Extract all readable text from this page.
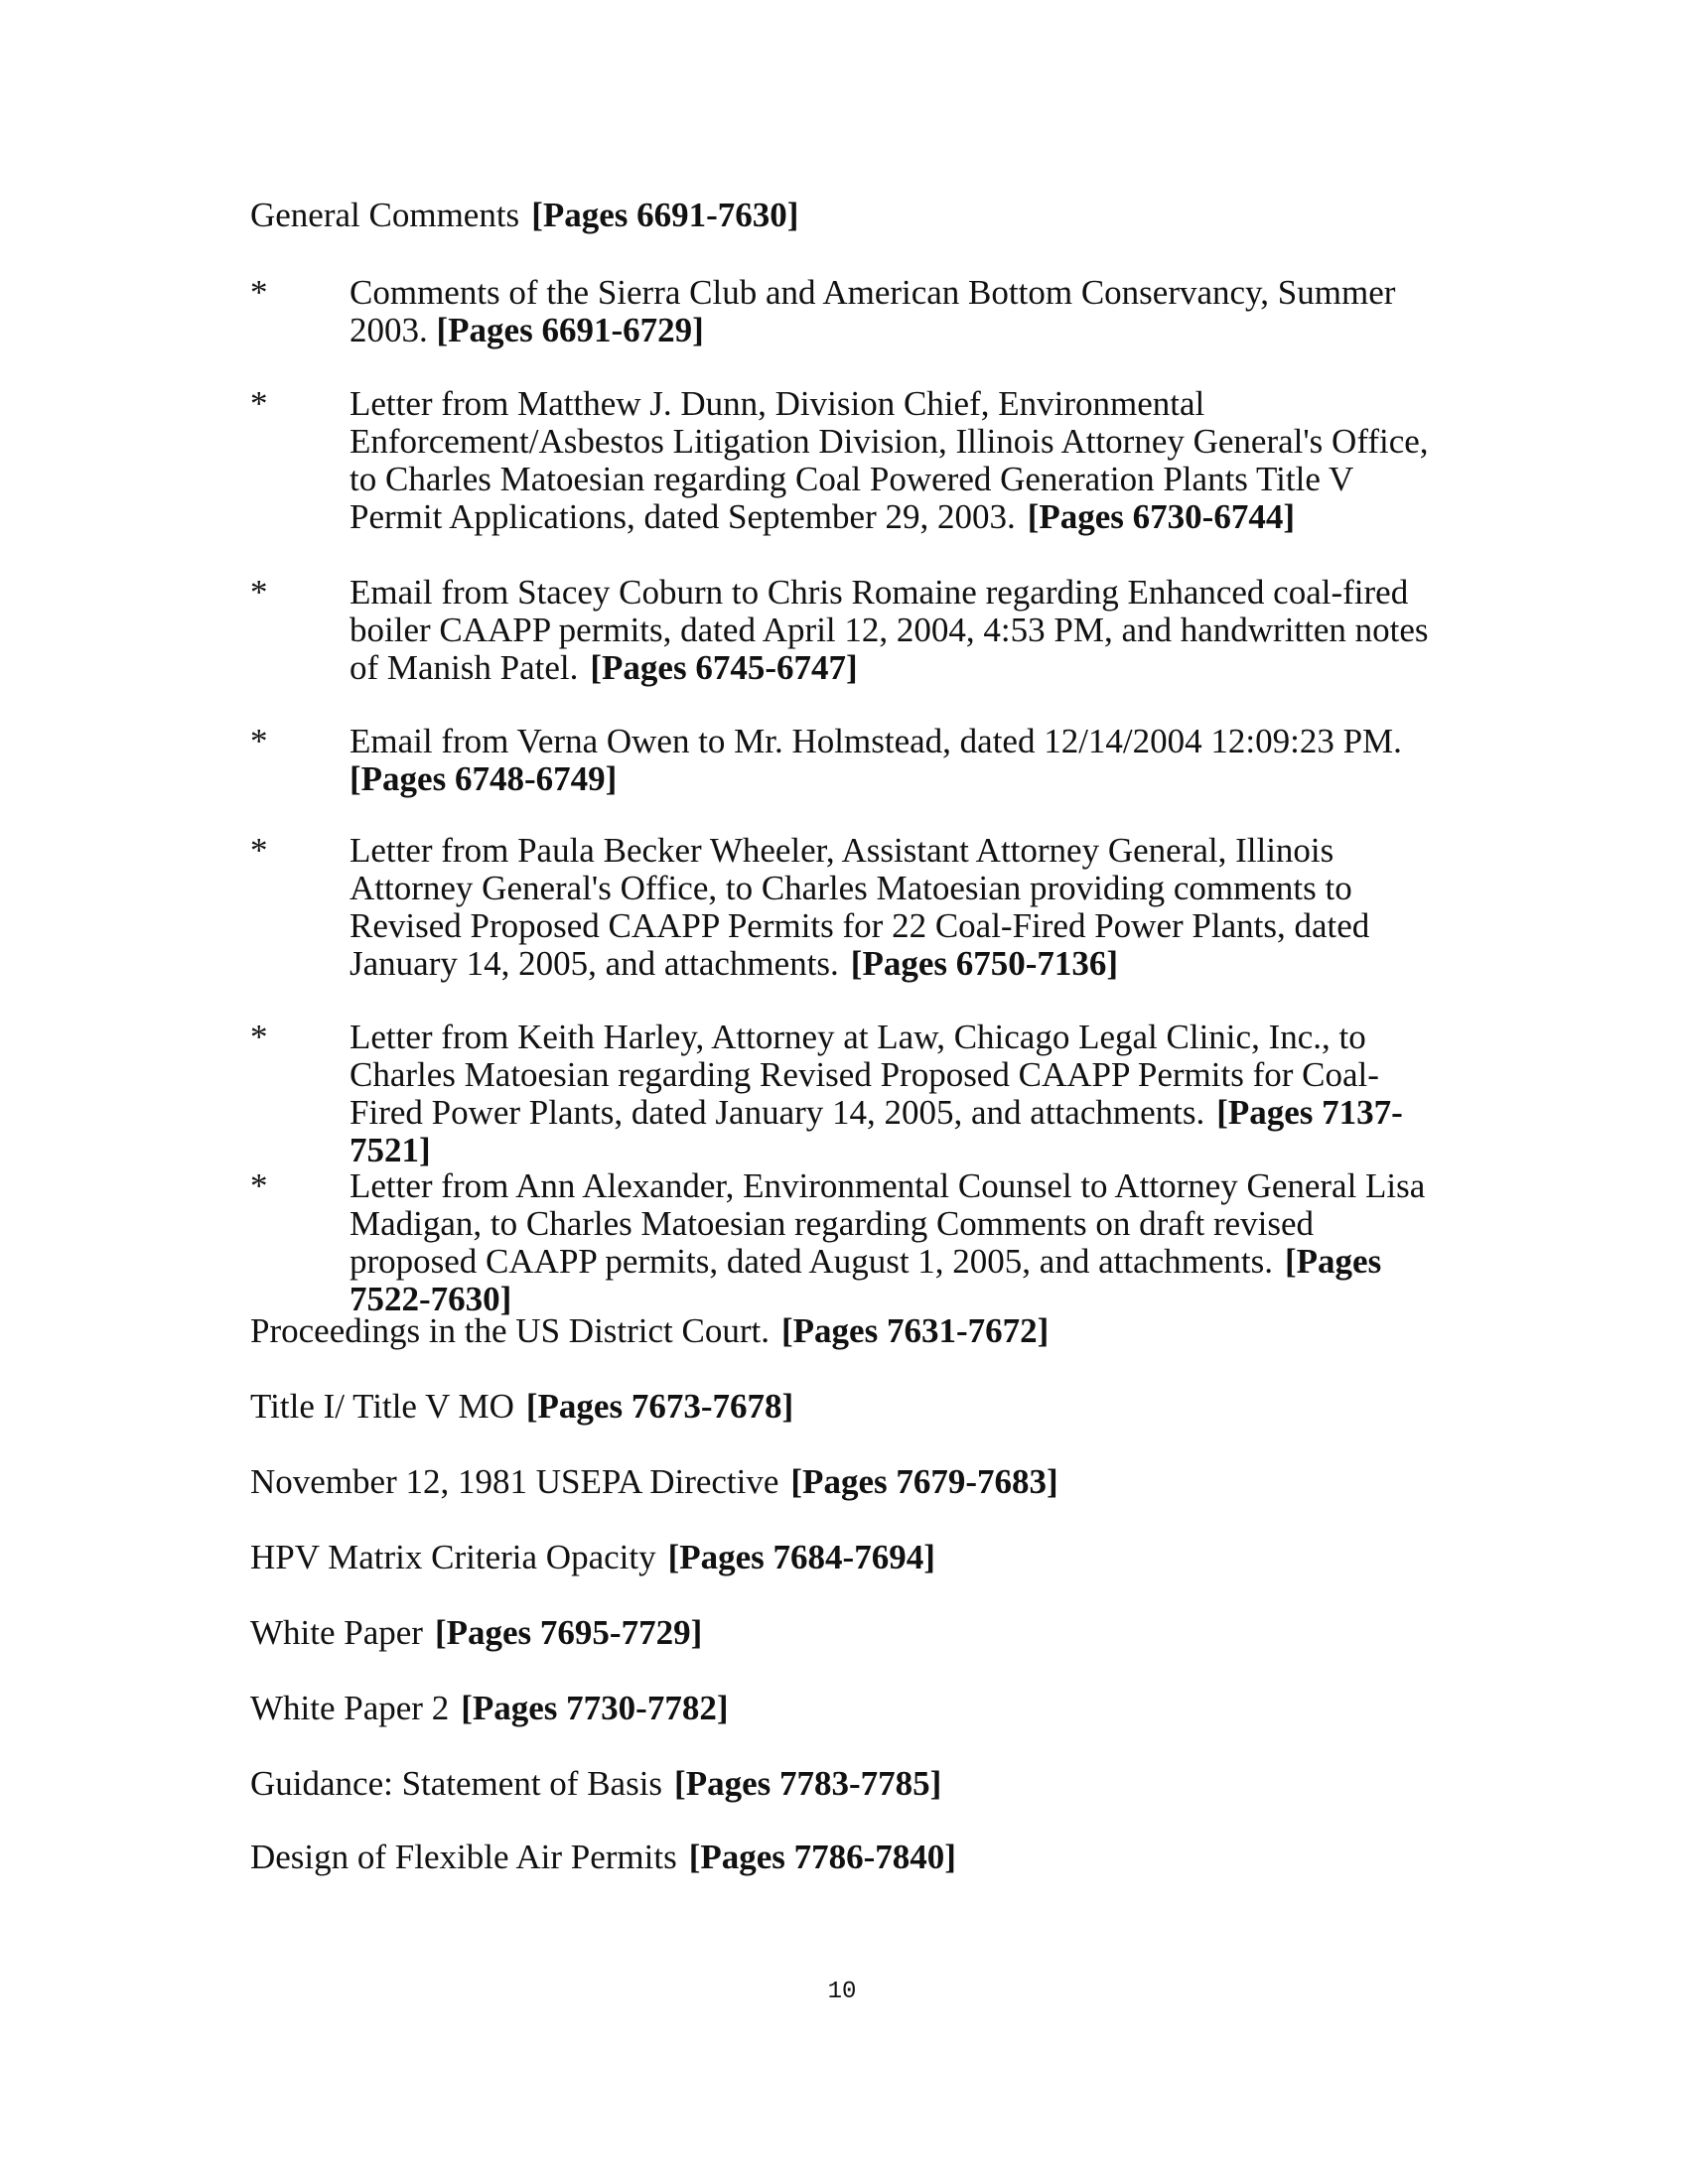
General Comments [Pages 6691-7630]
*	Comments of the Sierra Club and American Bottom Conservancy, Summer 2003. [Pages 6691-6729]
*	Letter from Matthew J. Dunn, Division Chief, Environmental Enforcement/Asbestos Litigation Division, Illinois Attorney General's Office, to Charles Matoesian regarding Coal Powered Generation Plants Title V Permit Applications, dated September 29, 2003. [Pages 6730-6744]
*	Email from Stacey Coburn to Chris Romaine regarding Enhanced coal-fired boiler CAAPP permits, dated April 12, 2004, 4:53 PM, and handwritten notes of Manish Patel. [Pages 6745-6747]
*	Email from Verna Owen to Mr. Holmstead, dated 12/14/2004 12:09:23 PM. [Pages 6748-6749]
*	Letter from Paula Becker Wheeler, Assistant Attorney General, Illinois Attorney General's Office, to Charles Matoesian providing comments to Revised Proposed CAAPP Permits for 22 Coal-Fired Power Plants, dated January 14, 2005, and attachments. [Pages 6750-7136]
*	Letter from Keith Harley, Attorney at Law, Chicago Legal Clinic, Inc., to Charles Matoesian regarding Revised Proposed CAAPP Permits for Coal-Fired Power Plants, dated January 14, 2005, and attachments. [Pages 7137-7521]
*	Letter from Ann Alexander, Environmental Counsel to Attorney General Lisa Madigan, to Charles Matoesian regarding Comments on draft revised proposed CAAPP permits, dated August 1, 2005, and attachments. [Pages 7522-7630]
Proceedings in the US District Court. [Pages 7631-7672]
Title I/ Title V MO [Pages 7673-7678]
November 12, 1981 USEPA Directive [Pages 7679-7683]
HPV Matrix Criteria Opacity [Pages 7684-7694]
White Paper [Pages 7695-7729]
White Paper 2 [Pages 7730-7782]
Guidance: Statement of Basis [Pages 7783-7785]
Design of Flexible Air Permits [Pages 7786-7840]
10
